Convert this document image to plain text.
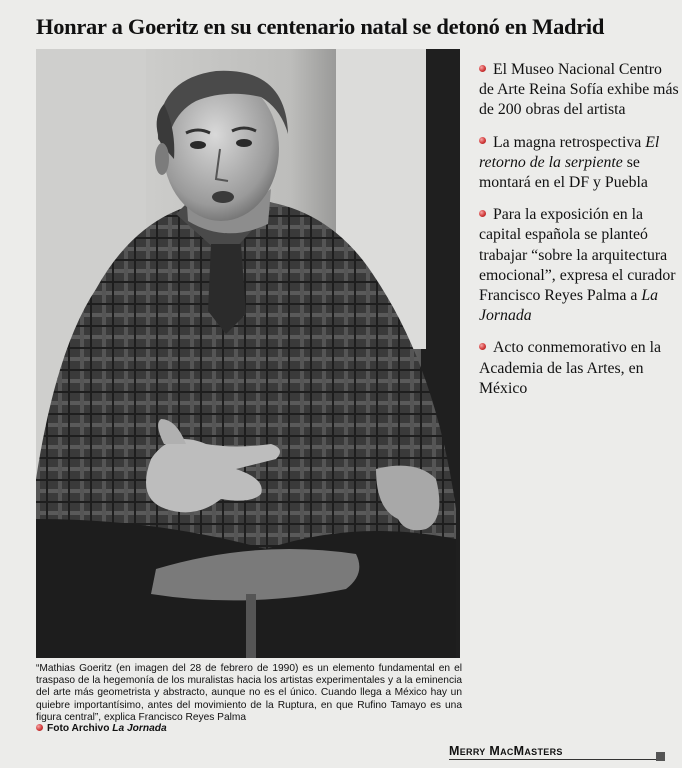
Honrar a Goeritz en su centenario natal se detonó en Madrid

“Mathias Goeritz (en imagen del 28 de febrero de 1990) es un elemento fundamental en el traspaso de la hegemonía de los muralistas hacia los artistas experimentales y a la eminencia del arte más geometrista y abstracto, aunque no es el único. Cuando llega a México hay un quiebre importantísimo, antes del movimiento de la Ruptura, en que Rufino Tamayo es una figura central”, explica Francisco Reyes Palma

Foto Archivo La Jornada
El Museo Nacional Centro de Arte Reina Sofía exhibe más de 200 obras del artista
La magna retrospectiva El retorno de la serpiente se montará en el DF y Puebla
Para la exposición en la capital española se planteó trabajar “sobre la arquitectura emocional”, expresa el curador Francisco Reyes Palma a La Jornada
Acto conmemorativo en la Academia de las Artes, en México
Merry MacMasters
